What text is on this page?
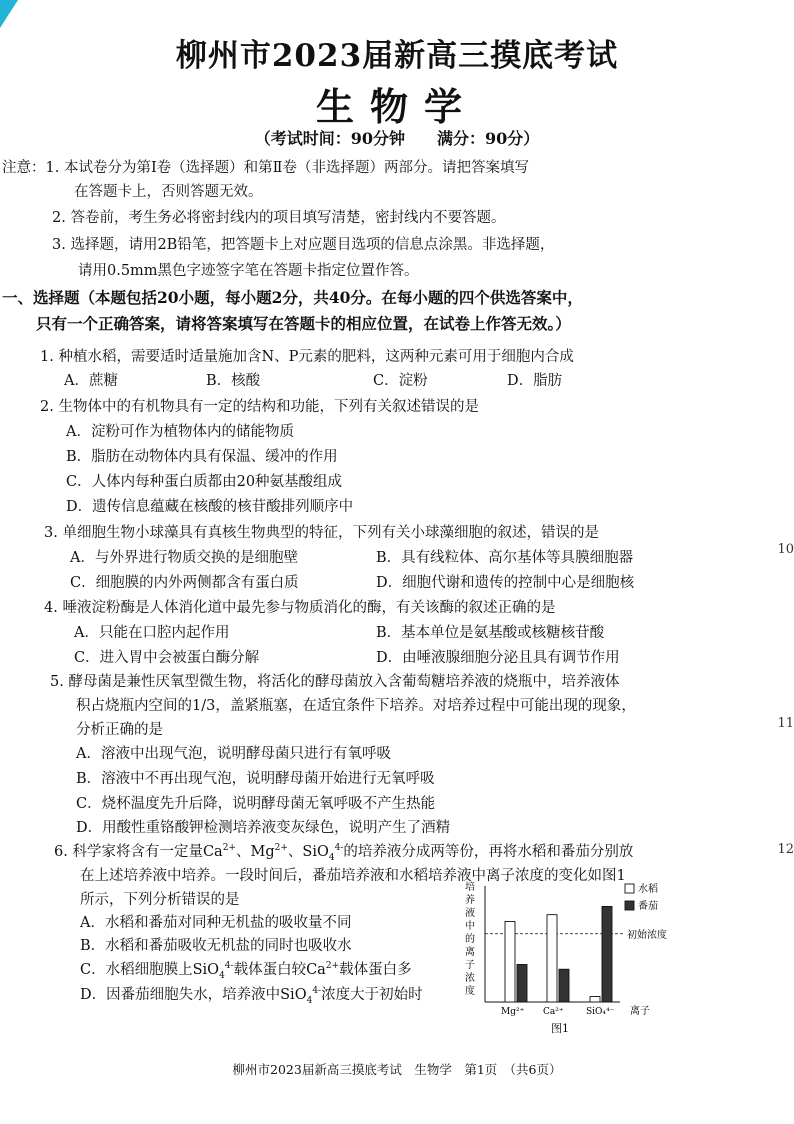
柳州市2023届新高三摸底考试
生物学
（考试时间：90分钟　　满分：90分）
注意：1. 本试卷分为第Ⅰ卷（选择题）和第Ⅱ卷（非选择题）两部分。请把答案填写
在答题卡上，否则答题无效。
2. 答卷前，考生务必将密封线内的项目填写清楚，密封线内不要答题。
3. 选择题，请用2B铅笔，把答题卡上对应题目选项的信息点涂黑。非选择题，
请用0.5mm黑色字迹签字笔在答题卡指定位置作答。
一、选择题（本题包括20小题，每小题2分，共40分。在每小题的四个供选答案中，
只有一个正确答案，请将答案填写在答题卡的相应位置，在试卷上作答无效。）
1. 种植水稻，需要适时适量施加含N、P元素的肥料，这两种元素可用于细胞内合成
A．蔗糖	B．核酸	C．淀粉	D．脂肪
2. 生物体中的有机物具有一定的结构和功能，下列有关叙述错误的是
A．淀粉可作为植物体内的储能物质
B．脂肪在动物体内具有保温、缓冲的作用
C．人体内每种蛋白质都由20种氨基酸组成
D．遗传信息蕴藏在核酸的核苷酸排列顺序中
3. 单细胞生物小球藻具有真核生物典型的特征，下列有关小球藻细胞的叙述，错误的是
A．与外界进行物质交换的是细胞壁	B．具有线粒体、高尔基体等具膜细胞器
C．细胞膜的内外两侧都含有蛋白质	D．细胞代谢和遗传的控制中心是细胞核
10
4. 唾液淀粉酶是人体消化道中最先参与物质消化的酶，有关该酶的叙述正确的是
A．只能在口腔内起作用	B．基本单位是氨基酸或核糖核苷酸
C．进入胃中会被蛋白酶分解	D．由唾液腺细胞分泌且具有调节作用
5. 酵母菌是兼性厌氧型微生物，将活化的酵母菌放入含葡萄糖培养液的烧瓶中，培养液体
积占烧瓶内空间的1/3，盖紧瓶塞，在适宜条件下培养。对培养过程中可能出现的现象，
分析正确的是	11
A．溶液中出现气泡，说明酵母菌只进行有氧呼吸
B．溶液中不再出现气泡，说明酵母菌开始进行无氧呼吸
C．烧杯温度先升后降，说明酵母菌无氧呼吸不产生热能
D．用酸性重铬酸钾检测培养液变灰绿色，说明产生了酒精
6. 科学家将含有一定量$Ca^{2+}$、$Mg^{2+}$、SiO$_4^{4-}$的培养液分成两等份，再将水稻和番茄分别放	12
在上述培养液中培养。一段时间后，番茄培养液和水稻培养液中离子浓度的变化如图1
所示，下列分析错误的是
A．水稻和番茄对同种无机盐的吸收量不同
B．水稻和番茄吸收无机盐的同时也吸收水
C．水稻细胞膜上SiO$_4^{4-}$载体蛋白较$Ca^{2+}$载体蛋白多
D．因番茄细胞失水，培养液中SiO$_4^{4-}$浓度大于初始时
培
养
液
中
的
离
子
浓
度
初始浓度
Mg²⁺ Ca²⁺ SiO₄⁴⁻
水稻
番茄
离子
图1
柳州市2023届新高三摸底考试　生物学　第1页　（共6页）
